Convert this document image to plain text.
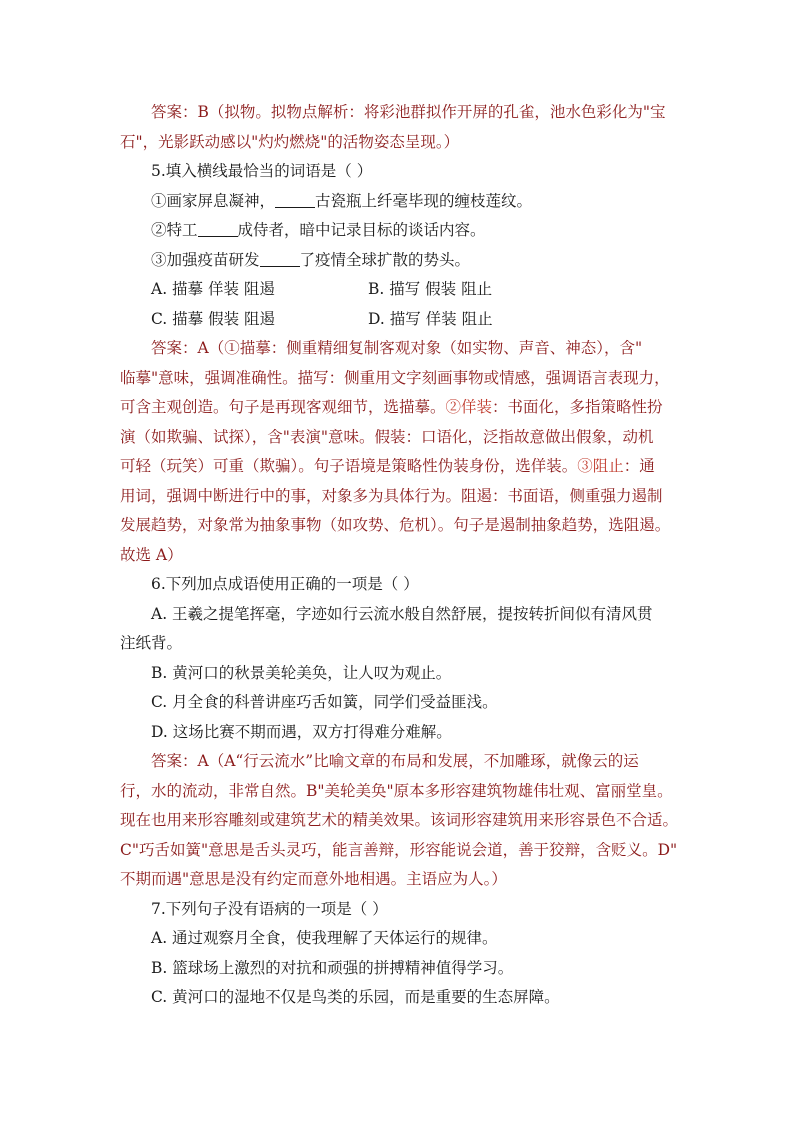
答案：B（拟物。拟物点解析：将彩池群拟作开屏的孔雀，池水色彩化为"宝

石"，光影跃动感以"灼灼燃烧"的活物姿态呈现。）

5.填入横线最恰当的词语是（ ）

①画家屏息凝神，	古瓷瓶上纤毫毕现的缠枝莲纹。

②特工	成侍者，暗中记录目标的谈话内容。

③加强疫苗研发	了疫情全球扩散的势头。

A. 描摹 佯装 阻遏	B. 描写 假装 阻止
C. 描摹 假装 阻遏	D. 描写 佯装 阻止

答案：A（①描摹：侧重精细复制客观对象（如实物、声音、神态），含"

临摹"意味，强调准确性。描写：侧重用文字刻画事物或情感，强调语言表现力，

可含主观创造。句子是再现客观细节，选描摹。②佯装：书面化，多指策略性扮

演（如欺骗、试探），含"表演"意味。假装：口语化，泛指故意做出假象，动机

可轻（玩笑）可重（欺骗）。句子语境是策略性伪装身份，选佯装。③阻止：通

用词，强调中断进行中的事，对象多为具体行为。阻遏：书面语，侧重强力遏制

发展趋势，对象常为抽象事物（如攻势、危机）。句子是遏制抽象趋势，选阻遏。

故选 A）

6.下列加点成语使用正确的一项是（ ）

A. 王羲之提笔挥毫，字迹如行云流水般自然舒展，提按转折间似有清风贯

注纸背。

B. 黄河口的秋景美轮美奂，让人叹为观止。

C. 月全食的科普讲座巧舌如簧，同学们受益匪浅。

D. 这场比赛不期而遇，双方打得难分难解。

答案：A（A“行云流水”比喻文章的布局和发展，不加雕琢，就像云的运

行，水的流动，非常自然。B"美轮美奂"原本多形容建筑物雄伟壮观、富丽堂皇。

现在也用来形容雕刻或建筑艺术的精美效果。该词形容建筑用来形容景色不合适。

C"巧舌如簧"意思是舌头灵巧，能言善辩，形容能说会道，善于狡辩，含贬义。D"

不期而遇"意思是没有约定而意外地相遇。主语应为人。）

7.下列句子没有语病的一项是（ ）

A. 通过观察月全食，使我理解了天体运行的规律。

B. 篮球场上激烈的对抗和顽强的拼搏精神值得学习。

C. 黄河口的湿地不仅是鸟类的乐园，而是重要的生态屏障。
